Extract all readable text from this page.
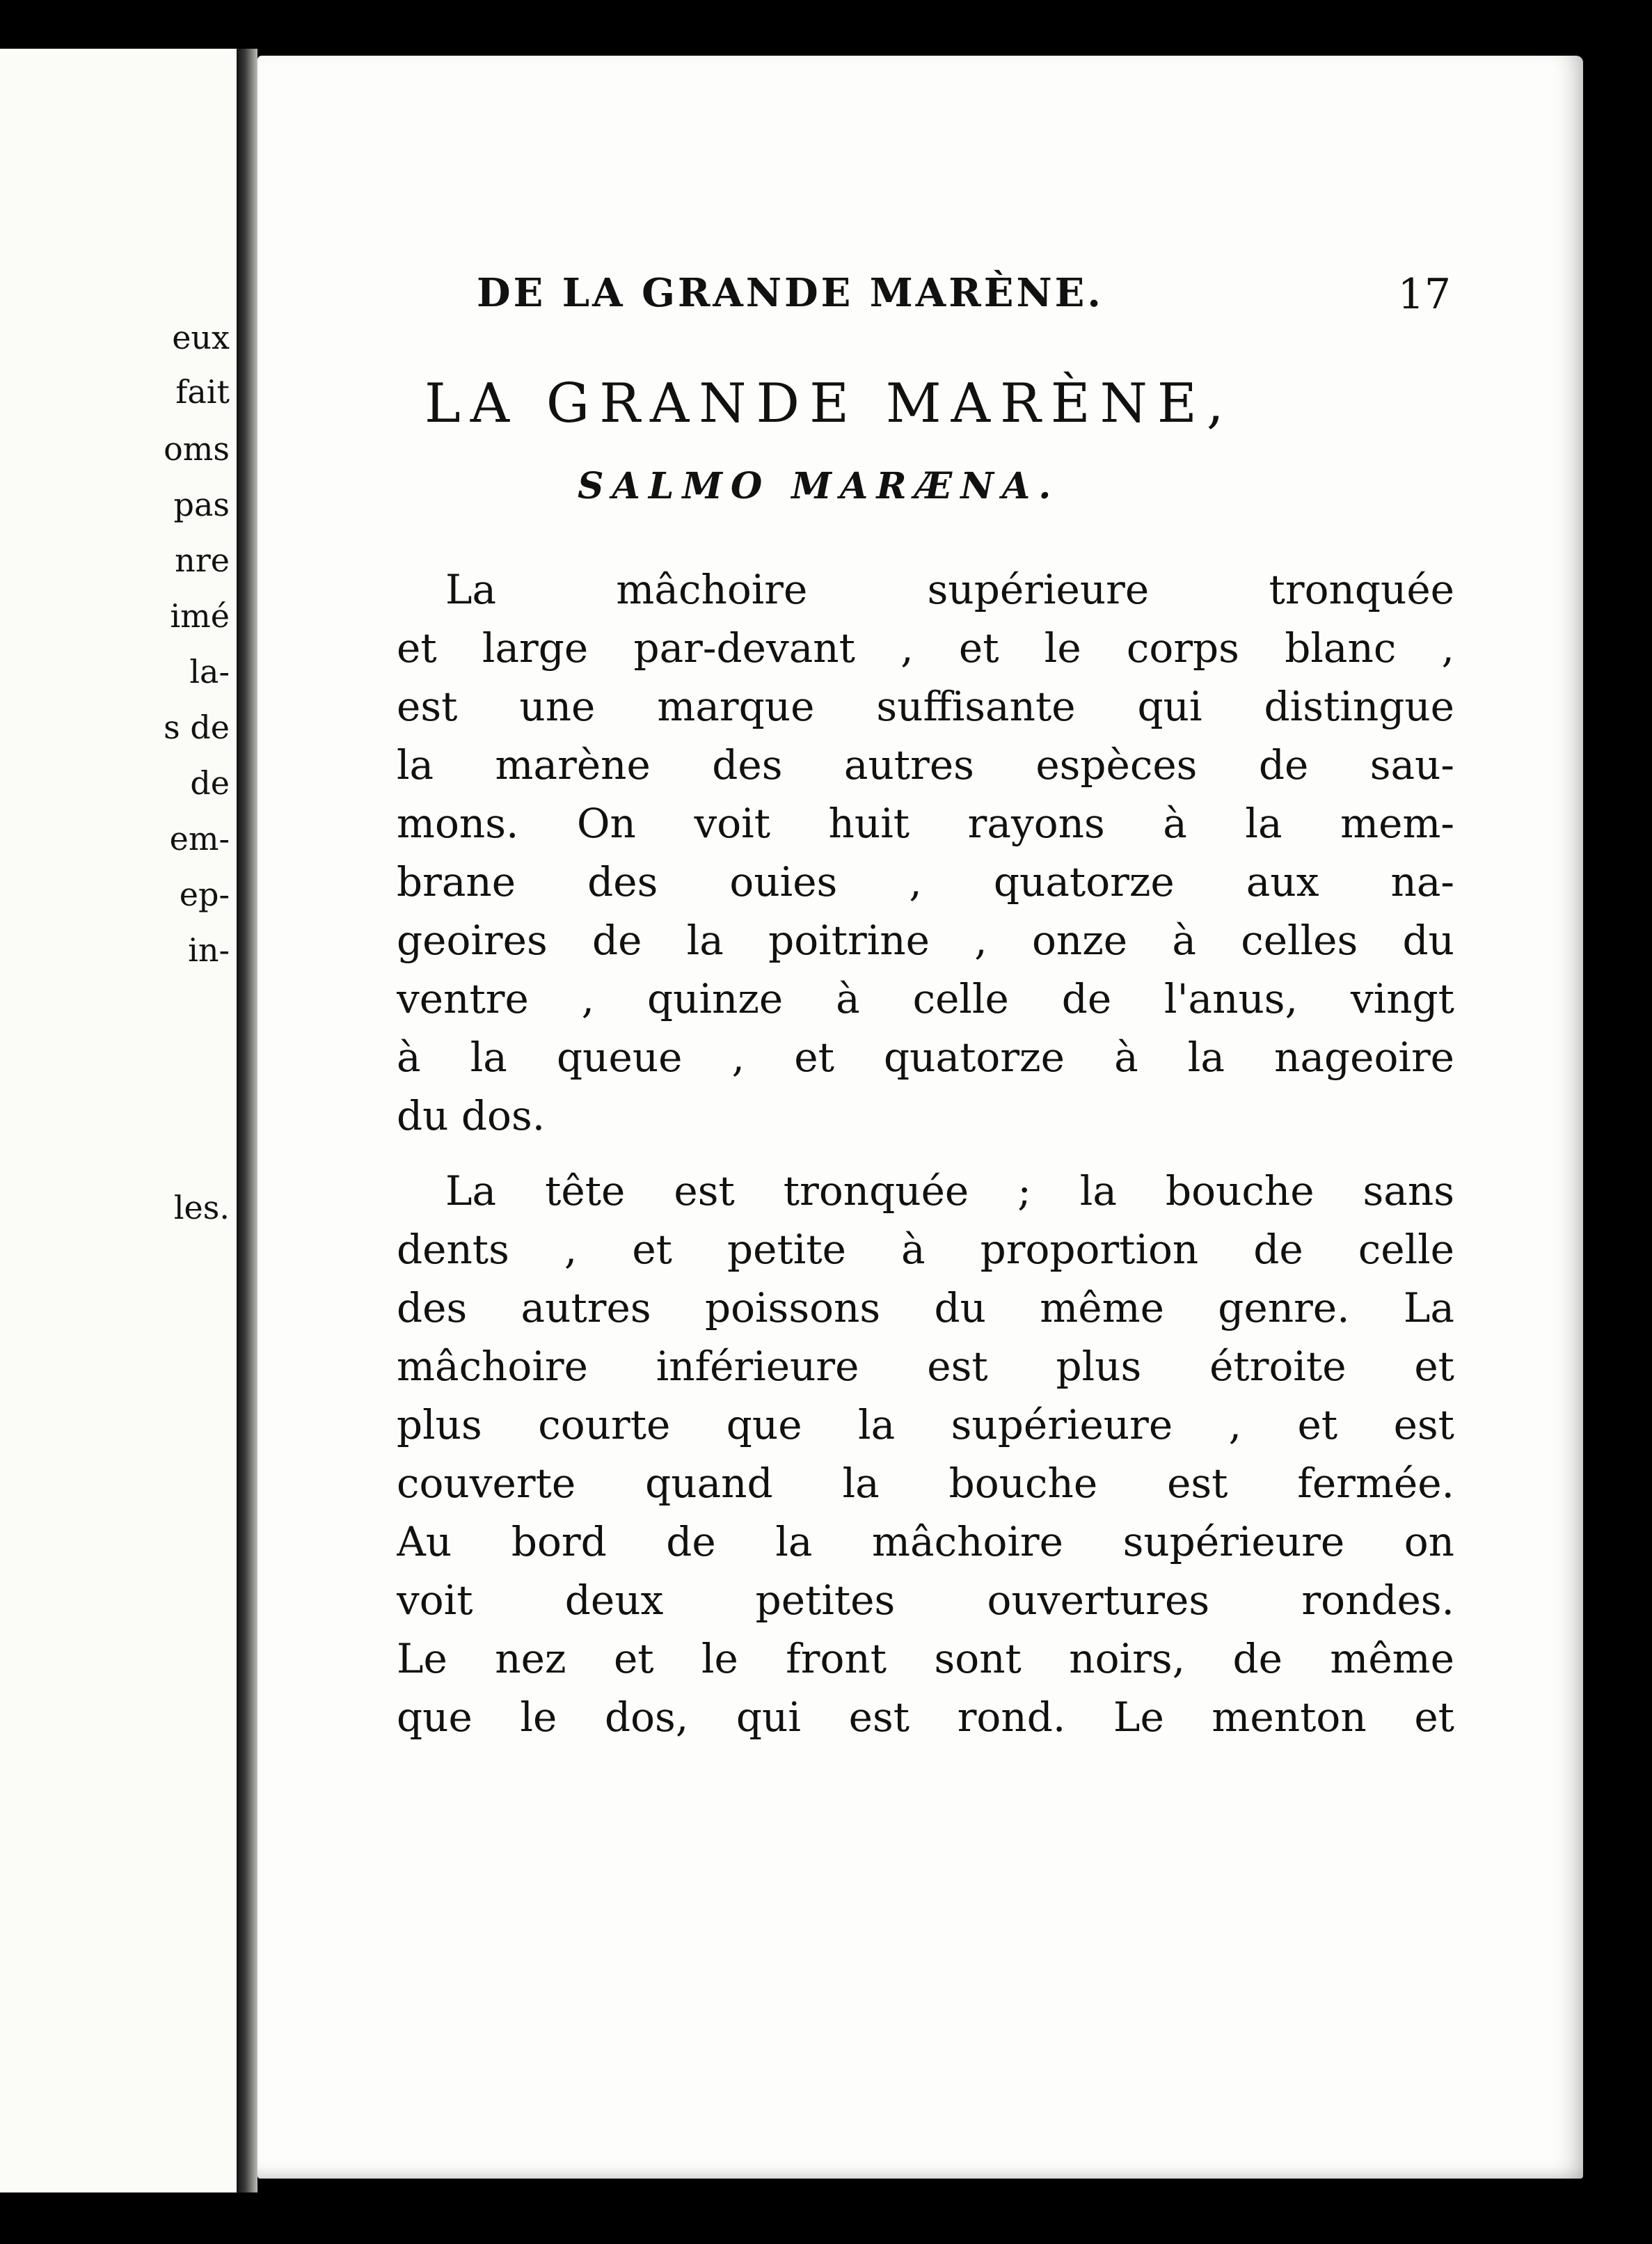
eux
fait
oms
pas
nre
imé
la-
s de
de
em-
ep-
in-
les.
DE LA GRANDE MARÈNE.	17
LA GRANDE MARÈNE,
SALMO MARÆNA.
La mâchoire supérieure tronquée
et large par-devant , et le corps blanc ,
est une marque suffisante qui distingue
la marène des autres espèces de sau-
mons. On voit huit rayons à la mem-
brane des ouies , quatorze aux na-
geoires de la poitrine , onze à celles du
ventre , quinze à celle de l'anus, vingt
à la queue , et quatorze à la nageoire
du dos.
La tête est tronquée ; la bouche sans
dents , et petite à proportion de celle
des autres poissons du même genre. La
mâchoire inférieure est plus étroite et
plus courte que la supérieure , et est
couverte quand la bouche est fermée.
Au bord de la mâchoire supérieure on
voit deux petites ouvertures rondes.
Le nez et le front sont noirs, de même
que le dos, qui est rond. Le menton et
